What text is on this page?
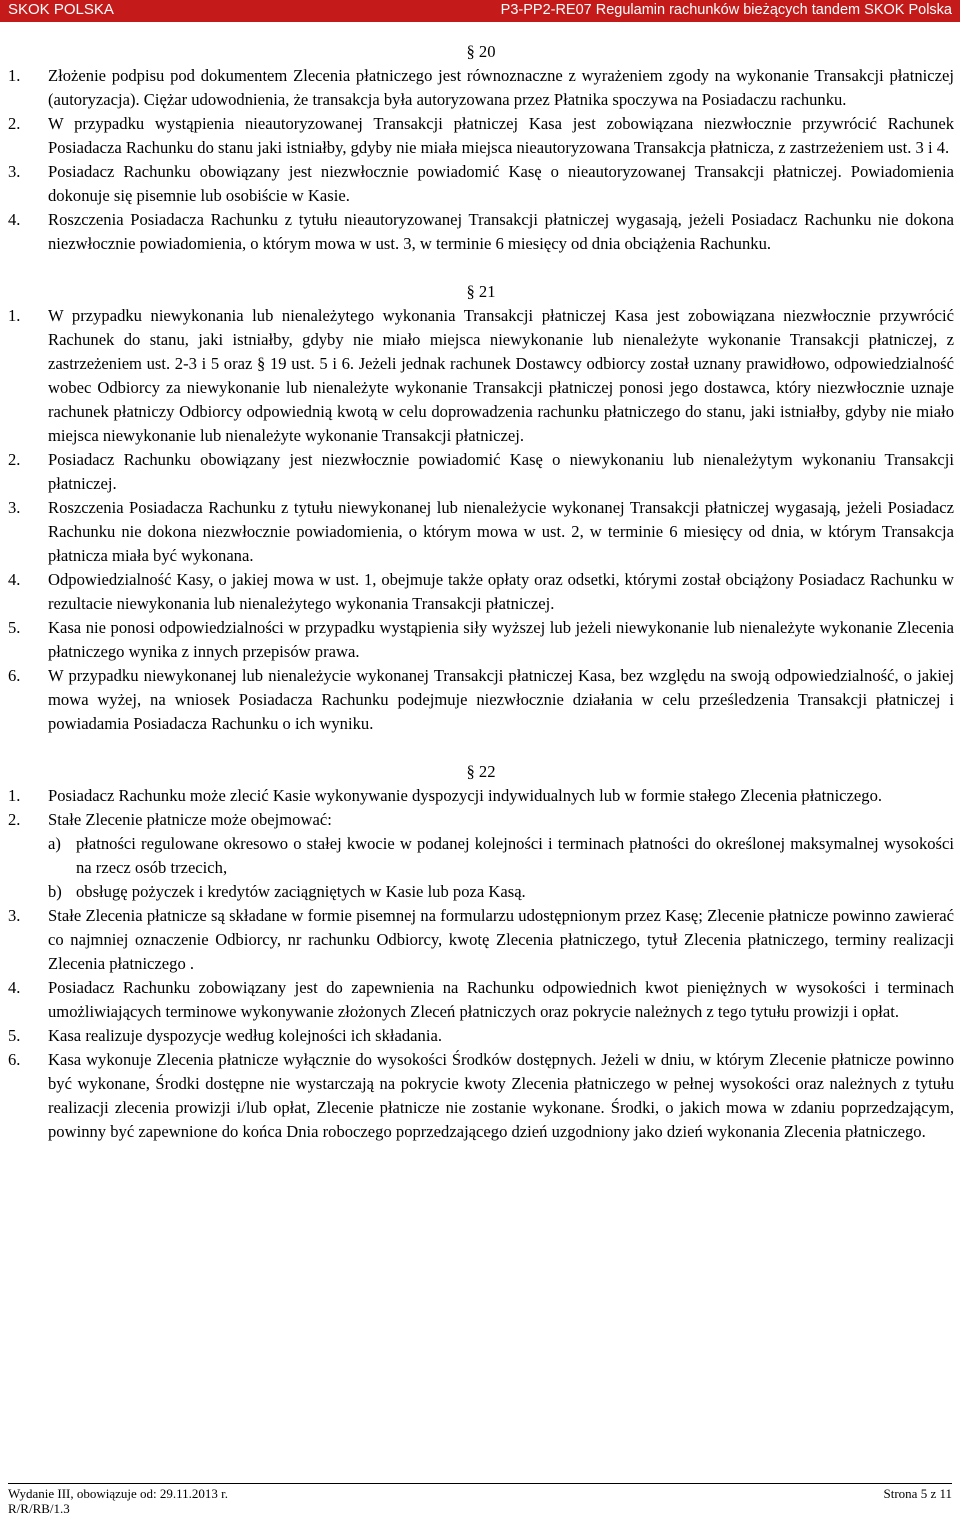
SKOK POLSKA	P3-PP2-RE07 Regulamin rachunków bieżących tandem SKOK Polska
§ 20
1. Złożenie podpisu pod dokumentem Zlecenia płatniczego jest równoznaczne z wyrażeniem zgody na wykonanie Transakcji płatniczej (autoryzacja). Ciężar udowodnienia, że transakcja była autoryzowana przez Płatnika spoczywa na Posiadaczu rachunku.
2. W przypadku wystąpienia nieautoryzowanej Transakcji płatniczej Kasa jest zobowiązana niezwłocznie przywrócić Rachunek Posiadacza Rachunku do stanu jaki istniałby, gdyby nie miała miejsca nieautoryzowana Transakcja płatnicza, z zastrzeżeniem ust. 3 i 4.
3. Posiadacz Rachunku obowiązany jest niezwłocznie powiadomić Kasę o nieautoryzowanej Transakcji płatniczej. Powiadomienia dokonuje się pisemnie lub osobiście w Kasie.
4. Roszczenia Posiadacza Rachunku z tytułu nieautoryzowanej Transakcji płatniczej wygasają, jeżeli Posiadacz Rachunku nie dokona niezwłocznie powiadomienia, o którym mowa w ust. 3, w terminie 6 miesięcy od dnia obciążenia Rachunku.
§ 21
1. W przypadku niewykonania lub nienależytego wykonania Transakcji płatniczej Kasa jest zobowiązana niezwłocznie przywrócić Rachunek do stanu, jaki istniałby, gdyby nie miało miejsca niewykonanie lub nienależyte wykonanie Transakcji płatniczej, z zastrzeżeniem ust. 2-3 i 5 oraz § 19 ust. 5 i 6. Jeżeli jednak rachunek Dostawcy odbiorcy został uznany prawidłowo, odpowiedzialność wobec Odbiorcy za niewykonanie lub nienależyte wykonanie Transakcji płatniczej ponosi jego dostawca, który niezwłocznie uznaje rachunek płatniczy Odbiorcy odpowiednią kwotą w celu doprowadzenia rachunku płatniczego do stanu, jaki istniałby, gdyby nie miało miejsca niewykonanie lub nienależyte wykonanie Transakcji płatniczej.
2. Posiadacz Rachunku obowiązany jest niezwłocznie powiadomić Kasę o niewykonaniu lub nienależytym wykonaniu Transakcji płatniczej.
3. Roszczenia Posiadacza Rachunku z tytułu niewykonanej lub nienależycie wykonanej Transakcji płatniczej wygasają, jeżeli Posiadacz Rachunku nie dokona niezwłocznie powiadomienia, o którym mowa w ust. 2, w terminie 6 miesięcy od dnia, w którym Transakcja płatnicza miała być wykonana.
4. Odpowiedzialność Kasy, o jakiej mowa w ust. 1, obejmuje także opłaty oraz odsetki, którymi został obciążony Posiadacz Rachunku w rezultacie niewykonania lub nienależytego wykonania Transakcji płatniczej.
5. Kasa nie ponosi odpowiedzialności w przypadku wystąpienia siły wyższej lub jeżeli niewykonanie lub nienależyte wykonanie Zlecenia płatniczego wynika z innych przepisów prawa.
6. W przypadku niewykonanej lub nienależycie wykonanej Transakcji płatniczej Kasa, bez względu na swoją odpowiedzialność, o jakiej mowa wyżej, na wniosek Posiadacza Rachunku podejmuje niezwłocznie działania w celu prześledzenia Transakcji płatniczej i powiadamia Posiadacza Rachunku o ich wyniku.
§ 22
1. Posiadacz Rachunku może zlecić Kasie wykonywanie dyspozycji indywidualnych lub w formie stałego Zlecenia płatniczego.
2. Stałe Zlecenie płatnicze może obejmować:
a) płatności regulowane okresowo o stałej kwocie w podanej kolejności i terminach płatności do określonej maksymalnej wysokości na rzecz osób trzecich,
b) obsługę pożyczek i kredytów zaciągniętych w Kasie lub poza Kasą.
3. Stałe Zlecenia płatnicze są składane w formie pisemnej na formularzu udostępnionym przez Kasę; Zlecenie płatnicze powinno zawierać co najmniej oznaczenie Odbiorcy, nr rachunku Odbiorcy, kwotę Zlecenia płatniczego, tytuł Zlecenia płatniczego, terminy realizacji Zlecenia płatniczego .
4. Posiadacz Rachunku zobowiązany jest do zapewnienia na Rachunku odpowiednich kwot pieniężnych w wysokości i terminach umożliwiających terminowe wykonywanie złożonych Zleceń płatniczych oraz pokrycie należnych z tego tytułu prowizji i opłat.
5. Kasa realizuje dyspozycje według kolejności ich składania.
6. Kasa wykonuje Zlecenia płatnicze wyłącznie do wysokości Środków dostępnych. Jeżeli w dniu, w którym Zlecenie płatnicze powinno być wykonane, Środki dostępne nie wystarczają na pokrycie kwoty Zlecenia płatniczego w pełnej wysokości oraz należnych z tytułu realizacji zlecenia prowizji i/lub opłat, Zlecenie płatnicze nie zostanie wykonane. Środki, o jakich mowa w zdaniu poprzedzającym, powinny być zapewnione do końca Dnia roboczego poprzedzającego dzień uzgodniony jako dzień wykonania Zlecenia płatniczego.
Wydanie III, obowiązuje od: 29.11.2013 r.
R/R/RB/1.3
Strona 5 z 11
